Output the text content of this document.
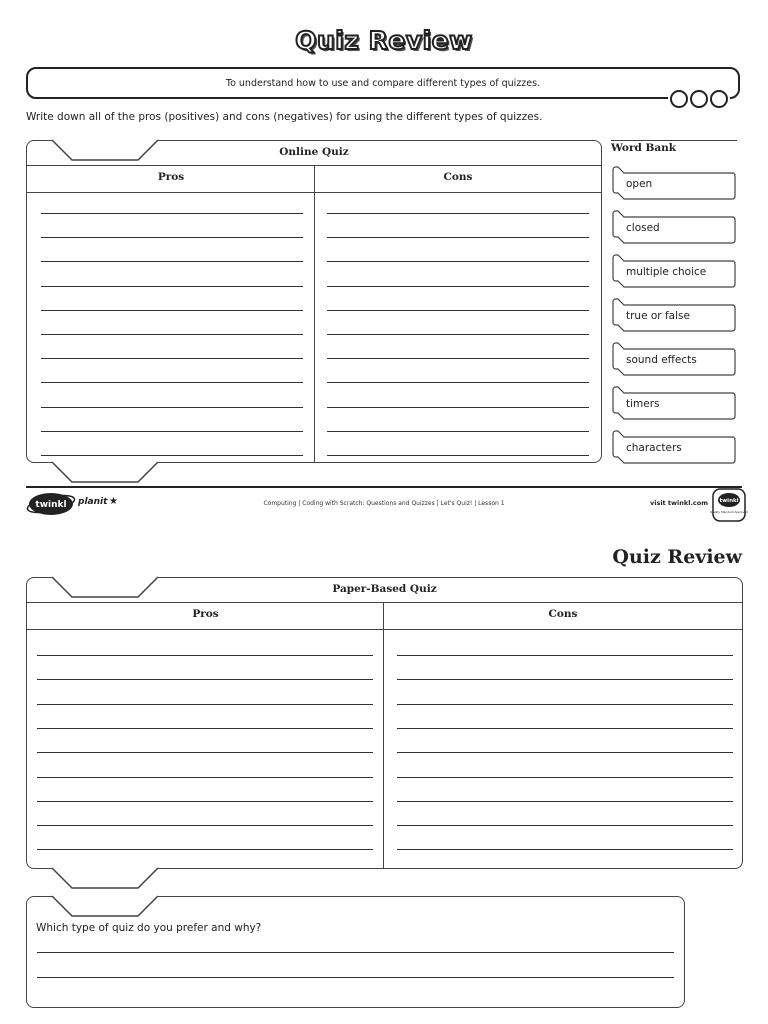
Quiz Review
To understand how to use and compare different types of quizzes.
Write down all of the pros (positives) and cons (negatives) for using the different types of quizzes.
Online Quiz
Pros	Cons
Word Bank
open
closed
multiple choice
true or false
sound effects
timers
characters
twinkl planit ★	Computing | Coding with Scratch: Questions and Quizzes | Let's Quiz! | Lesson 1	visit twinkl.com twinkl
Quality Standard Approved
Quiz Review
Paper-Based Quiz
Pros	Cons
Which type of quiz do you prefer and why?
